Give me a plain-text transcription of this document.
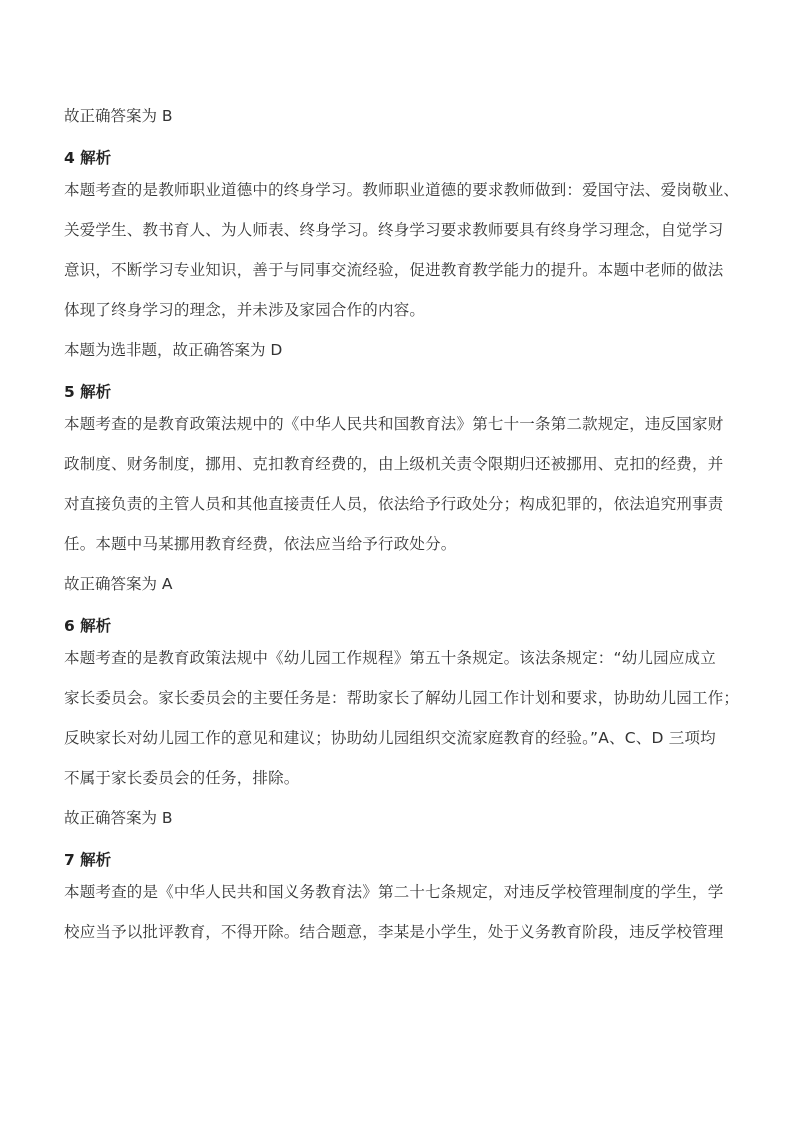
故正确答案为 B
4 解析
本题考查的是教师职业道德中的终身学习。教师职业道德的要求教师做到：爱国守法、爱岗敬业、
关爱学生、教书育人、为人师表、终身学习。终身学习要求教师要具有终身学习理念，自觉学习
意识，不断学习专业知识，善于与同事交流经验，促进教育教学能力的提升。本题中老师的做法
体现了终身学习的理念，并未涉及家园合作的内容。
本题为选非题，故正确答案为 D
5 解析
本题考查的是教育政策法规中的《中华人民共和国教育法》第七十一条第二款规定，违反国家财
政制度、财务制度，挪用、克扣教育经费的，由上级机关责令限期归还被挪用、克扣的经费，并
对直接负责的主管人员和其他直接责任人员，依法给予行政处分；构成犯罪的，依法追究刑事责
任。本题中马某挪用教育经费，依法应当给予行政处分。
故正确答案为 A
6 解析
本题考查的是教育政策法规中《幼儿园工作规程》第五十条规定。该法条规定：“幼儿园应成立
家长委员会。家长委员会的主要任务是：帮助家长了解幼儿园工作计划和要求，协助幼儿园工作；
反映家长对幼儿园工作的意见和建议；协助幼儿园组织交流家庭教育的经验。”A、C、D 三项均
不属于家长委员会的任务，排除。
故正确答案为 B
7 解析
本题考查的是《中华人民共和国义务教育法》第二十七条规定，对违反学校管理制度的学生，学
校应当予以批评教育，不得开除。结合题意，李某是小学生，处于义务教育阶段，违反学校管理
